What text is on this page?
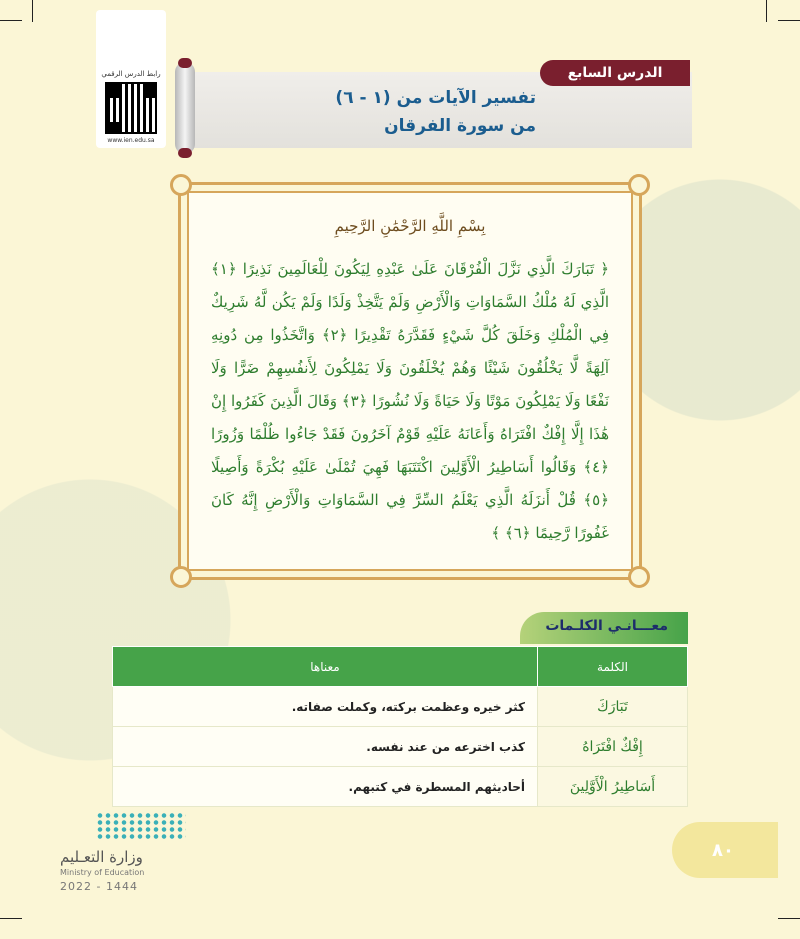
رابط الدرس الرقمي
www.ien.edu.sa
الدرس السابع
تفسير الآيات من (١ - ٦)
من سورة الفرقان
بِسْمِ اللَّهِ الرَّحْمَٰنِ الرَّحِيمِ
﴿ تَبَارَكَ الَّذِي نَزَّلَ الْفُرْقَانَ عَلَىٰ عَبْدِهِ لِيَكُونَ لِلْعَالَمِينَ نَذِيرًا ﴿١﴾ الَّذِي لَهُ مُلْكُ السَّمَاوَاتِ وَالْأَرْضِ وَلَمْ يَتَّخِذْ وَلَدًا وَلَمْ يَكُن لَّهُ شَرِيكٌ فِي الْمُلْكِ وَخَلَقَ كُلَّ شَيْءٍ فَقَدَّرَهُ تَقْدِيرًا ﴿٢﴾ وَاتَّخَذُوا مِن دُونِهِ آلِهَةً لَّا يَخْلُقُونَ شَيْئًا وَهُمْ يُخْلَقُونَ وَلَا يَمْلِكُونَ لِأَنفُسِهِمْ ضَرًّا وَلَا نَفْعًا وَلَا يَمْلِكُونَ مَوْتًا وَلَا حَيَاةً وَلَا نُشُورًا ﴿٣﴾ وَقَالَ الَّذِينَ كَفَرُوا إِنْ هَٰذَا إِلَّا إِفْكٌ افْتَرَاهُ وَأَعَانَهُ عَلَيْهِ قَوْمٌ آخَرُونَ فَقَدْ جَاءُوا ظُلْمًا وَزُورًا ﴿٤﴾ وَقَالُوا أَسَاطِيرُ الْأَوَّلِينَ اكْتَتَبَهَا فَهِيَ تُمْلَىٰ عَلَيْهِ بُكْرَةً وَأَصِيلًا ﴿٥﴾ قُلْ أَنزَلَهُ الَّذِي يَعْلَمُ السِّرَّ فِي السَّمَاوَاتِ وَالْأَرْضِ إِنَّهُ كَانَ غَفُورًا رَّحِيمًا ﴿٦﴾ ﴾
معـــانـي الكلـمات
الكلمة	معناها
تَبَارَكَ	كثر خيره وعظمت بركته، وكملت صفاته.
إِفْكٌ افْتَرَاهُ	كذب اخترعه من عند نفسه.
أَسَاطِيرُ الْأَوَّلِينَ	أحاديثهم المسطرة في كتبهم.
٨٠
وزارة التعـليم
Ministry of Education
2022 - 1444
